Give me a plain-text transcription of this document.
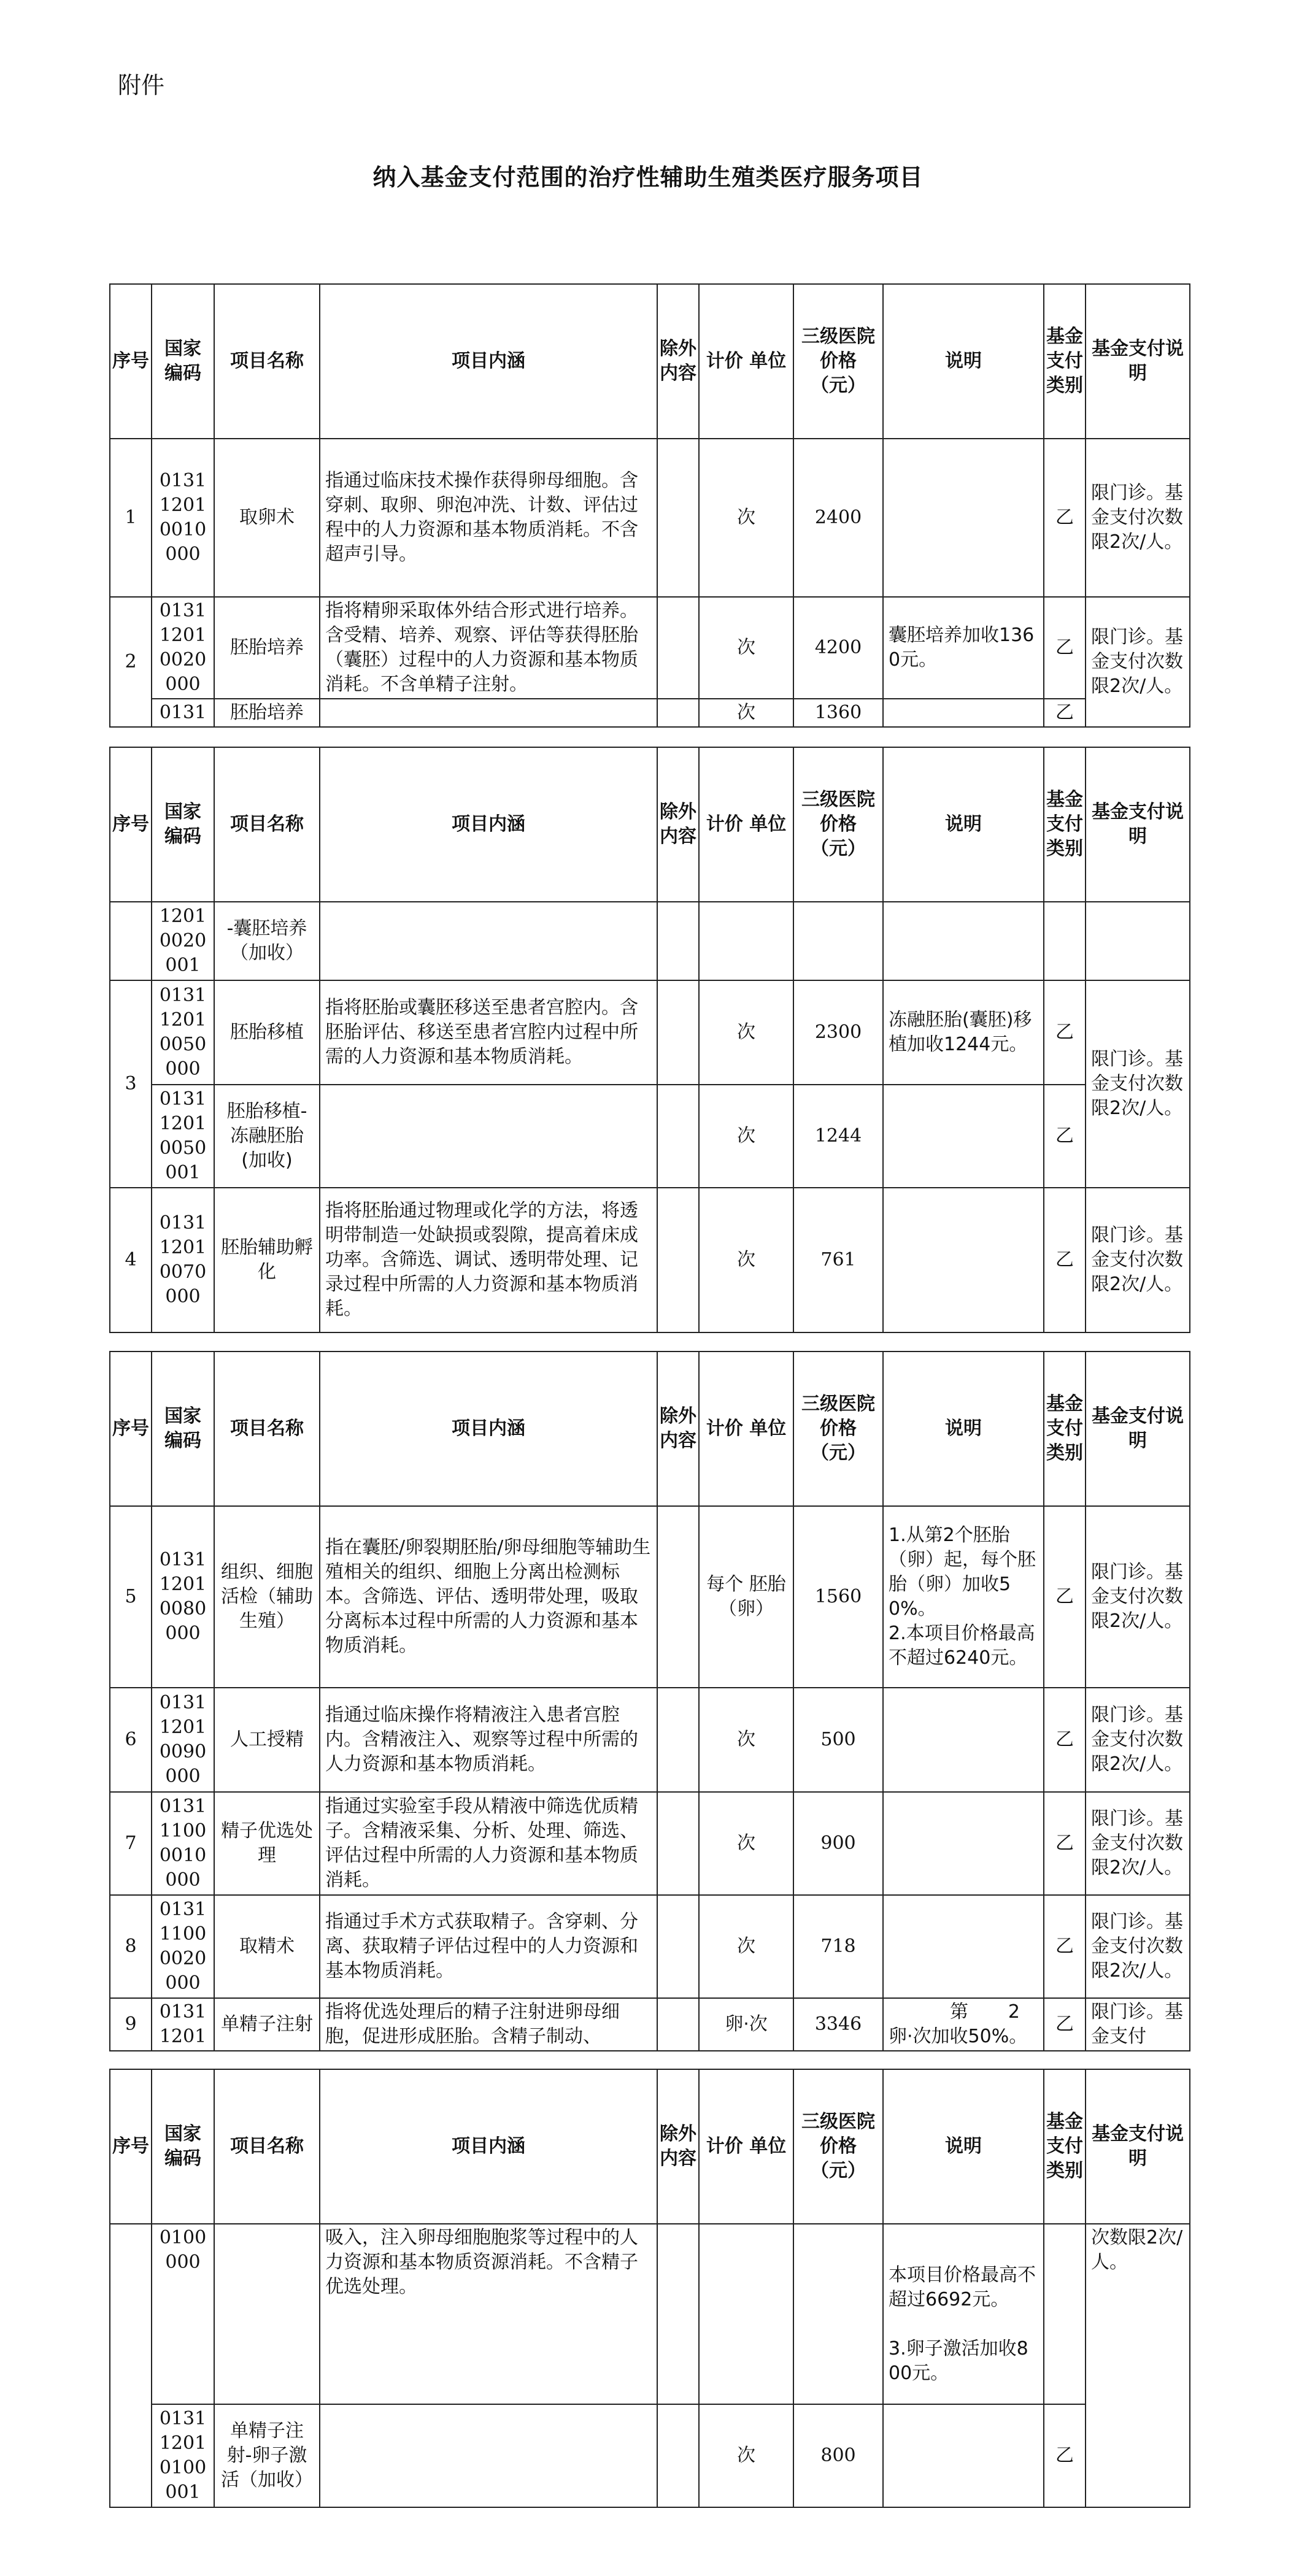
附件
纳入基金支付范围的治疗性辅助生殖类医疗服务项目
序号	国家编码	项目名称	项目内涵	除外内容	计价 单位	三级医院价格（元）	说明	基金支付类别	基金支付说明
1	0131 1201 0010 000	取卵术	指通过临床技术操作获得卵母细胞。含穿刺、取卵、卵泡冲洗、计数、评估过程中的人力资源和基本物质消耗。不含超声引导。		次	2400		乙	限门诊。基金支付次数限2次/人。
2	0131 1201 0020 000	胚胎培养	指将精卵采取体外结合形式进行培养。含受精、培养、观察、评估等获得胚胎（囊胚）过程中的人力资源和基本物质消耗。不含单精子注射。		次	4200	囊胚培养加收1360元。	乙	限门诊。基金支付次数限2次/人。
	0131	胚胎培养			次	1360		乙	
序号	国家编码	项目名称	项目内涵	除外内容	计价 单位	三级医院价格（元）	说明	基金支付类别	基金支付说明
	1201 0020 001	-囊胚培养（加收）							
3	0131 1201 0050 000	胚胎移植	指将胚胎或囊胚移送至患者宫腔内。含胚胎评估、移送至患者宫腔内过程中所需的人力资源和基本物质消耗。		次	2300	冻融胚胎(囊胚)移植加收1244元。	乙	限门诊。基金支付次数限2次/人。
	0131 1201 0050 001	胚胎移植-冻融胚胎(加收)			次	1244		乙	
4	0131 1201 0070 000	胚胎辅助孵化	指将胚胎通过物理或化学的方法，将透明带制造一处缺损或裂隙，提高着床成功率。含筛选、调试、透明带处理、记录过程中所需的人力资源和基本物质消耗。		次	761		乙	限门诊。基金支付次数限2次/人。
序号	国家编码	项目名称	项目内涵	除外内容	计价 单位	三级医院价格（元）	说明	基金支付类别	基金支付说明
5	0131 1201 0080 000	组织、细胞 活检（辅助生殖）	指在囊胚/卵裂期胚胎/卵母细胞等辅助生殖相关的组织、细胞上分离出检测标本。含筛选、评估、透明带处理，吸取分离标本过程中所需的人力资源和基本物质消耗。		每个 胚胎（卵）	1560	1.从第2个胚胎（卵）起，每个胚胎（卵）加收50%。
2.本项目价格最高不超过6240元。	乙	限门诊。基金支付次数限2次/人。
6	0131 1201 0090 000	人工授精	指通过临床操作将精液注入患者宫腔内。含精液注入、观察等过程中所需的人力资源和基本物质消耗。		次	500		乙	限门诊。基金支付次数限2次/人。
7	0131 1100 0010 000	精子优选处理	指通过实验室手段从精液中筛选优质精子。含精液采集、分析、处理、筛选、评估过程中所需的人力资源和基本物质消耗。		次	900		乙	限门诊。基金支付次数限2次/人。
8	0131 1100 0020 000	取精术	指通过手术方式获取精子。含穿刺、分离、获取精子评估过程中的人力资源和基本物质消耗。		次	718		乙	限门诊。基金支付次数限2次/人。
9	0131 1201	单精子注射	指将优选处理后的精子注射进卵母细胞，促进形成胚胎。含精子制动、		卵·次	3346	第 2
卵·次加收50%。	乙	限门诊。基金支付
序号	国家编码	项目名称	项目内涵	除外内容	计价 单位	三级医院价格（元）	说明	基金支付类别	基金支付说明
	0100 000		吸入，注入卵母细胞胞浆等过程中的人力资源和基本物质资源消耗。不含精子优选处理。				本项目价格最高不超过6692元。

3.卵子激活加收800元。		次数限2次/人。
	0131 1201 0100 001	单精子注射-卵子激活（加收）			次	800		乙	
